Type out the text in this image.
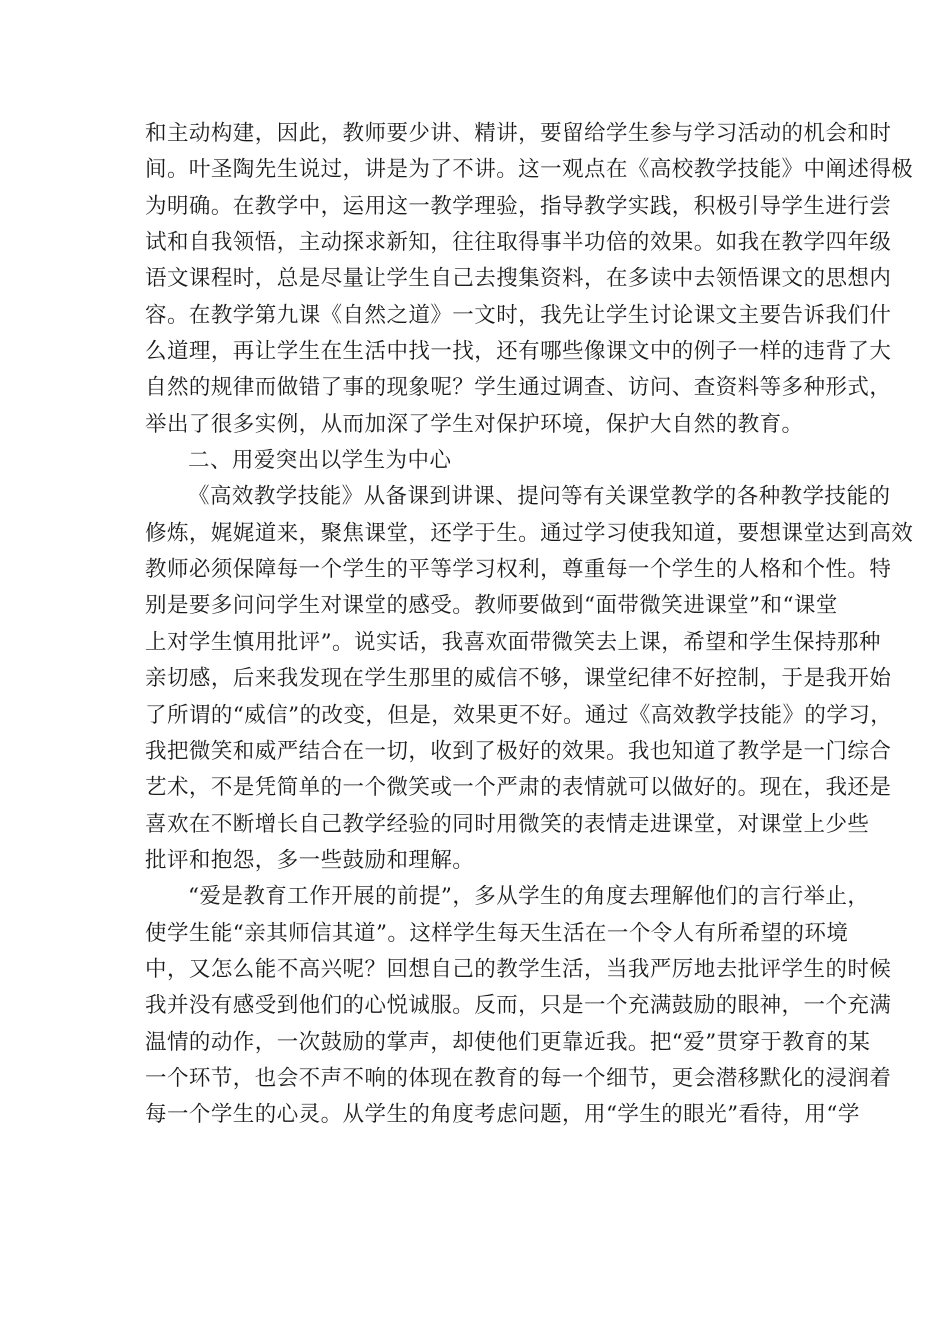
和主动构建，因此，教师要少讲、精讲，要留给学生参与学习活动的机会和时
间。叶圣陶先生说过，讲是为了不讲。这一观点在《高校教学技能》中阐述得极
为明确。在教学中，运用这一教学理验，指导教学实践，积极引导学生进行尝
试和自我领悟，主动探求新知，往往取得事半功倍的效果。如我在教学四年级
语文课程时，总是尽量让学生自己去搜集资料，在多读中去领悟课文的思想内
容。在教学第九课《自然之道》一文时，我先让学生讨论课文主要告诉我们什
么道理，再让学生在生活中找一找，还有哪些像课文中的例子一样的违背了大
自然的规律而做错了事的现象呢？学生通过调查、访问、查资料等多种形式，
举出了很多实例，从而加深了学生对保护环境，保护大自然的教育。
二、用爱突出以学生为中心
《高效教学技能》从备课到讲课、提问等有关课堂教学的各种教学技能的
修炼，娓娓道来，聚焦课堂，还学于生。通过学习使我知道，要想课堂达到高效
教师必须保障每一个学生的平等学习权利，尊重每一个学生的人格和个性。特
别是要多问问学生对课堂的感受。教师要做到“面带微笑进课堂”和“课堂
上对学生慎用批评”。说实话，我喜欢面带微笑去上课，希望和学生保持那种
亲切感，后来我发现在学生那里的威信不够，课堂纪律不好控制，于是我开始
了所谓的“威信”的改变，但是，效果更不好。通过《高效教学技能》的学习，
我把微笑和威严结合在一切，收到了极好的效果。我也知道了教学是一门综合
艺术，不是凭简单的一个微笑或一个严肃的表情就可以做好的。现在，我还是
喜欢在不断增长自己教学经验的同时用微笑的表情走进课堂，对课堂上少些
批评和抱怨，多一些鼓励和理解。
“爱是教育工作开展的前提”，多从学生的角度去理解他们的言行举止，
使学生能“亲其师信其道”。这样学生每天生活在一个令人有所希望的环境
中，又怎么能不高兴呢？回想自己的教学生活，当我严厉地去批评学生的时候
我并没有感受到他们的心悦诚服。反而，只是一个充满鼓励的眼神，一个充满
温情的动作，一次鼓励的掌声，却使他们更靠近我。把“爱”贯穿于教育的某
一个环节，也会不声不响的体现在教育的每一个细节，更会潜移默化的浸润着
每一个学生的心灵。从学生的角度考虑问题，用“学生的眼光”看待，用“学
